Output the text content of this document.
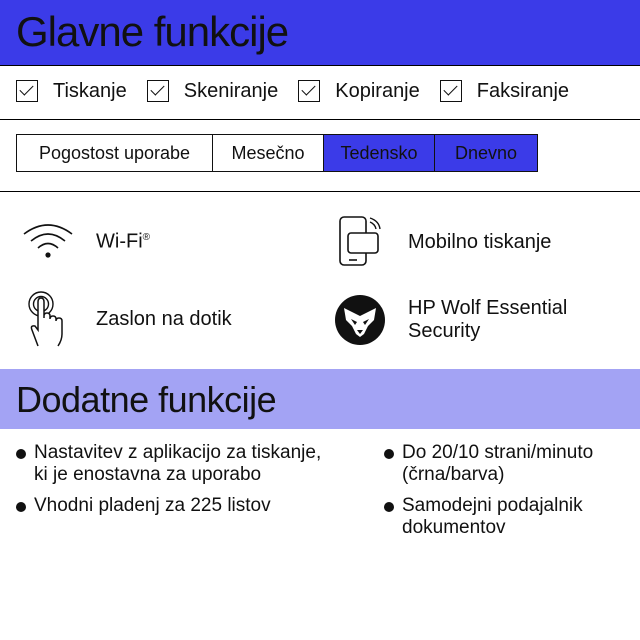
Glavne funkcije
Tiskanje	Skeniranje	Kopiranje	Faksiranje
Pogostost uporabe	Mesečno	Tedensko	Dnevno
Wi-Fi®	Mobilno tiskanje
Zaslon na dotik	HP Wolf Essential
Security
Dodatne funkcije
Nastavitev z aplikacijo za tiskanje,
ki je enostavna za uporabo
Vhodni pladenj za 225 listov
Do 20/10 strani/minuto
(črna/barva)
Samodejni podajalnik
dokumentov
